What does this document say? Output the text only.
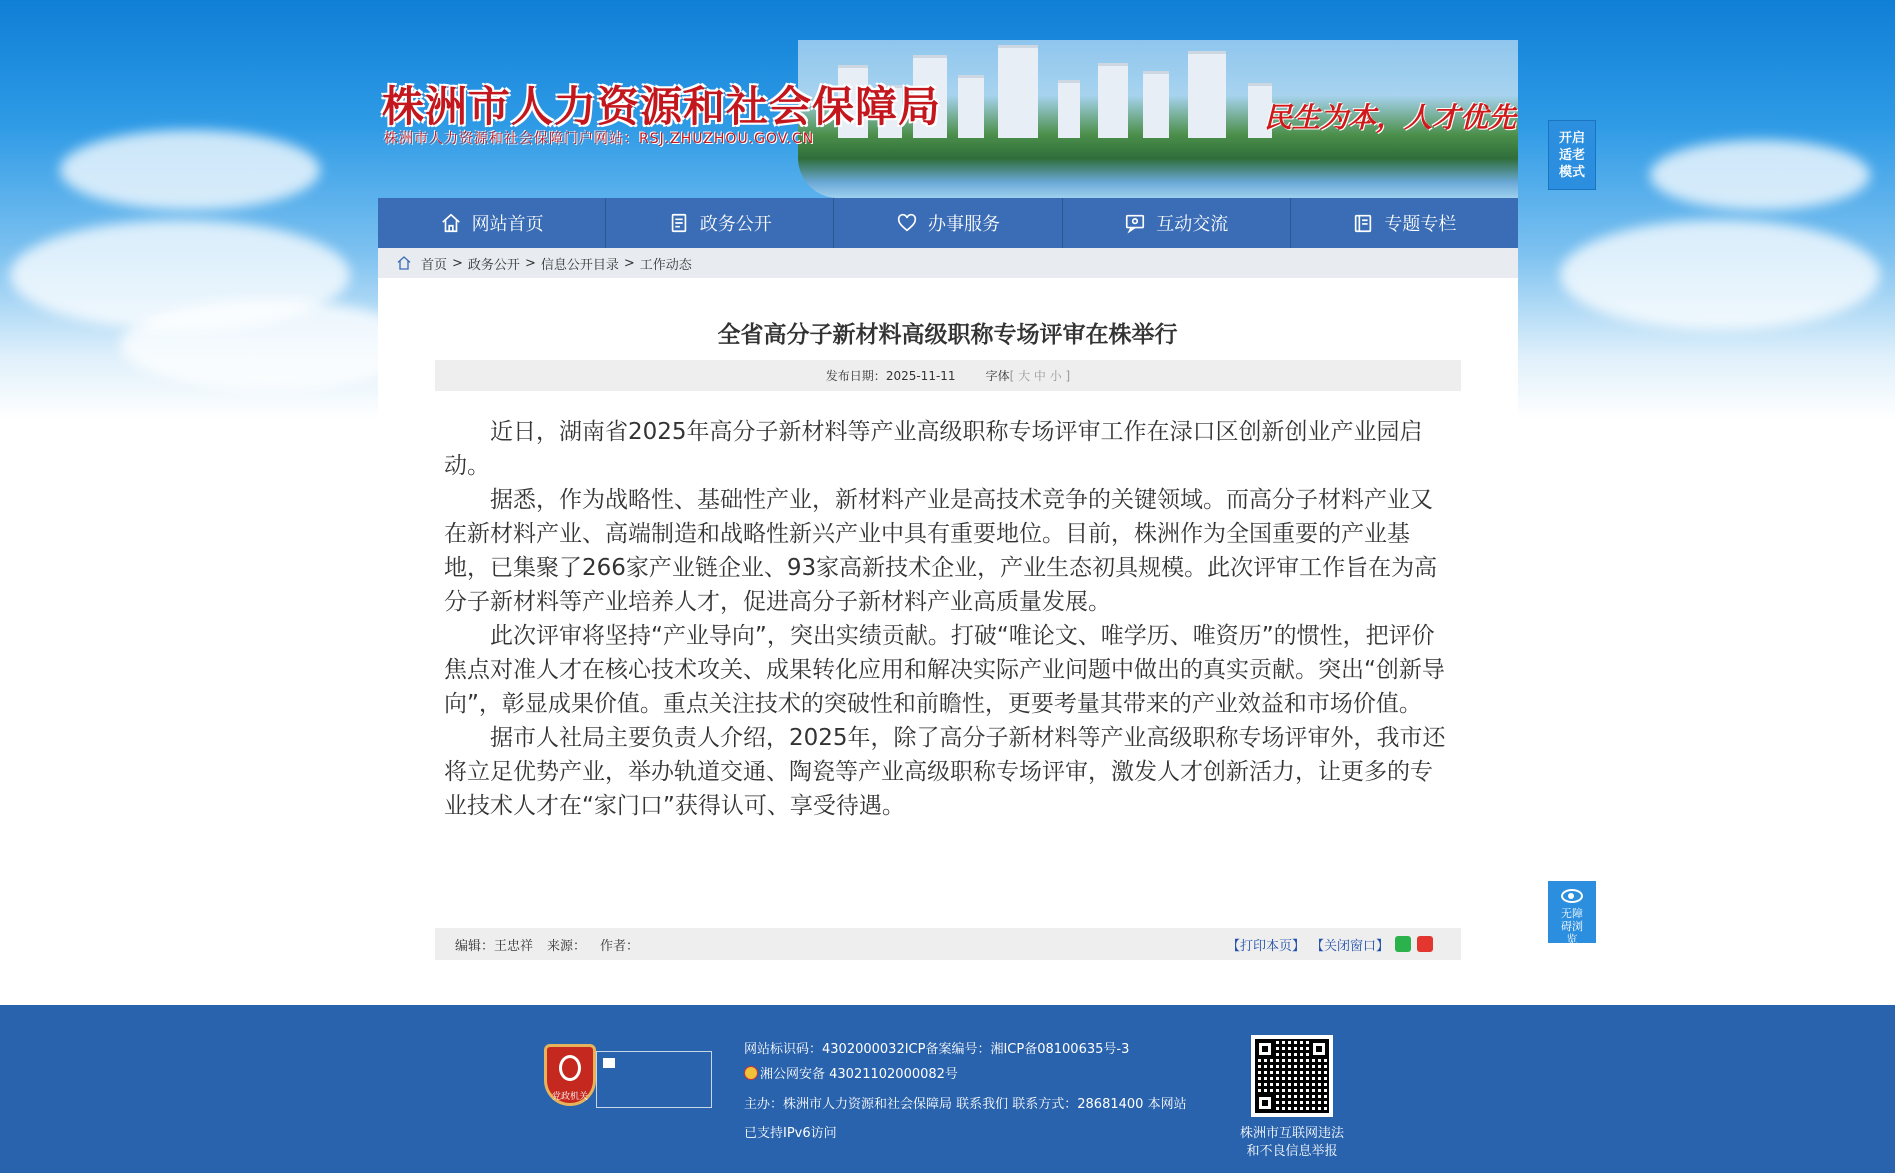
株洲市人力资源和社会保障局
株洲市人力资源和社会保障门户网站：RSJ.ZHUZHOU.GOV.CN
民生为本，人才优先
开启适老模式
网站首页	政务公开	办事服务	互动交流	专题专栏
首页 > 政务公开 > 信息公开目录 > 工作动态
全省高分子新材料高级职称专场评审在株举行
发布日期：2025-11-11	字体[ 大 中 小 ]

近日，湖南省2025年高分子新材料等产业高级职称专场评审工作在渌口区创新创业产业园启动。

据悉，作为战略性、基础性产业，新材料产业是高技术竞争的关键领域。而高分子材料产业又在新材料产业、高端制造和战略性新兴产业中具有重要地位。目前，株洲作为全国重要的产业基地，已集聚了266家产业链企业、93家高新技术企业，产业生态初具规模。此次评审工作旨在为高分子新材料等产业培养人才，促进高分子新材料产业高质量发展。

此次评审将坚持“产业导向”，突出实绩贡献。打破“唯论文、唯学历、唯资历”的惯性，把评价焦点对准人才在核心技术攻关、成果转化应用和解决实际产业问题中做出的真实贡献。突出“创新导向”，彰显成果价值。重点关注技术的突破性和前瞻性，更要考量其带来的产业效益和市场价值。

据市人社局主要负责人介绍，2025年，除了高分子新材料等产业高级职称专场评审外，我市还将立足优势产业，举办轨道交通、陶瓷等产业高级职称专场评审，激发人才创新活力，让更多的专业技术人才在“家门口”获得认可、享受待遇。

无障碍浏览
编辑：王忠祥 来源： 作者：	【打印本页】 【关闭窗口】
党政机关
网站标识码：4302000032ICP备案编号：湘ICP备08100635号-3
湘公网安备 43021102000082号
主办：株洲市人力资源和社会保障局 联系我们 联系方式：28681400 本网站
已支持IPv6访问	株洲市互联网违法
和不良信息举报
